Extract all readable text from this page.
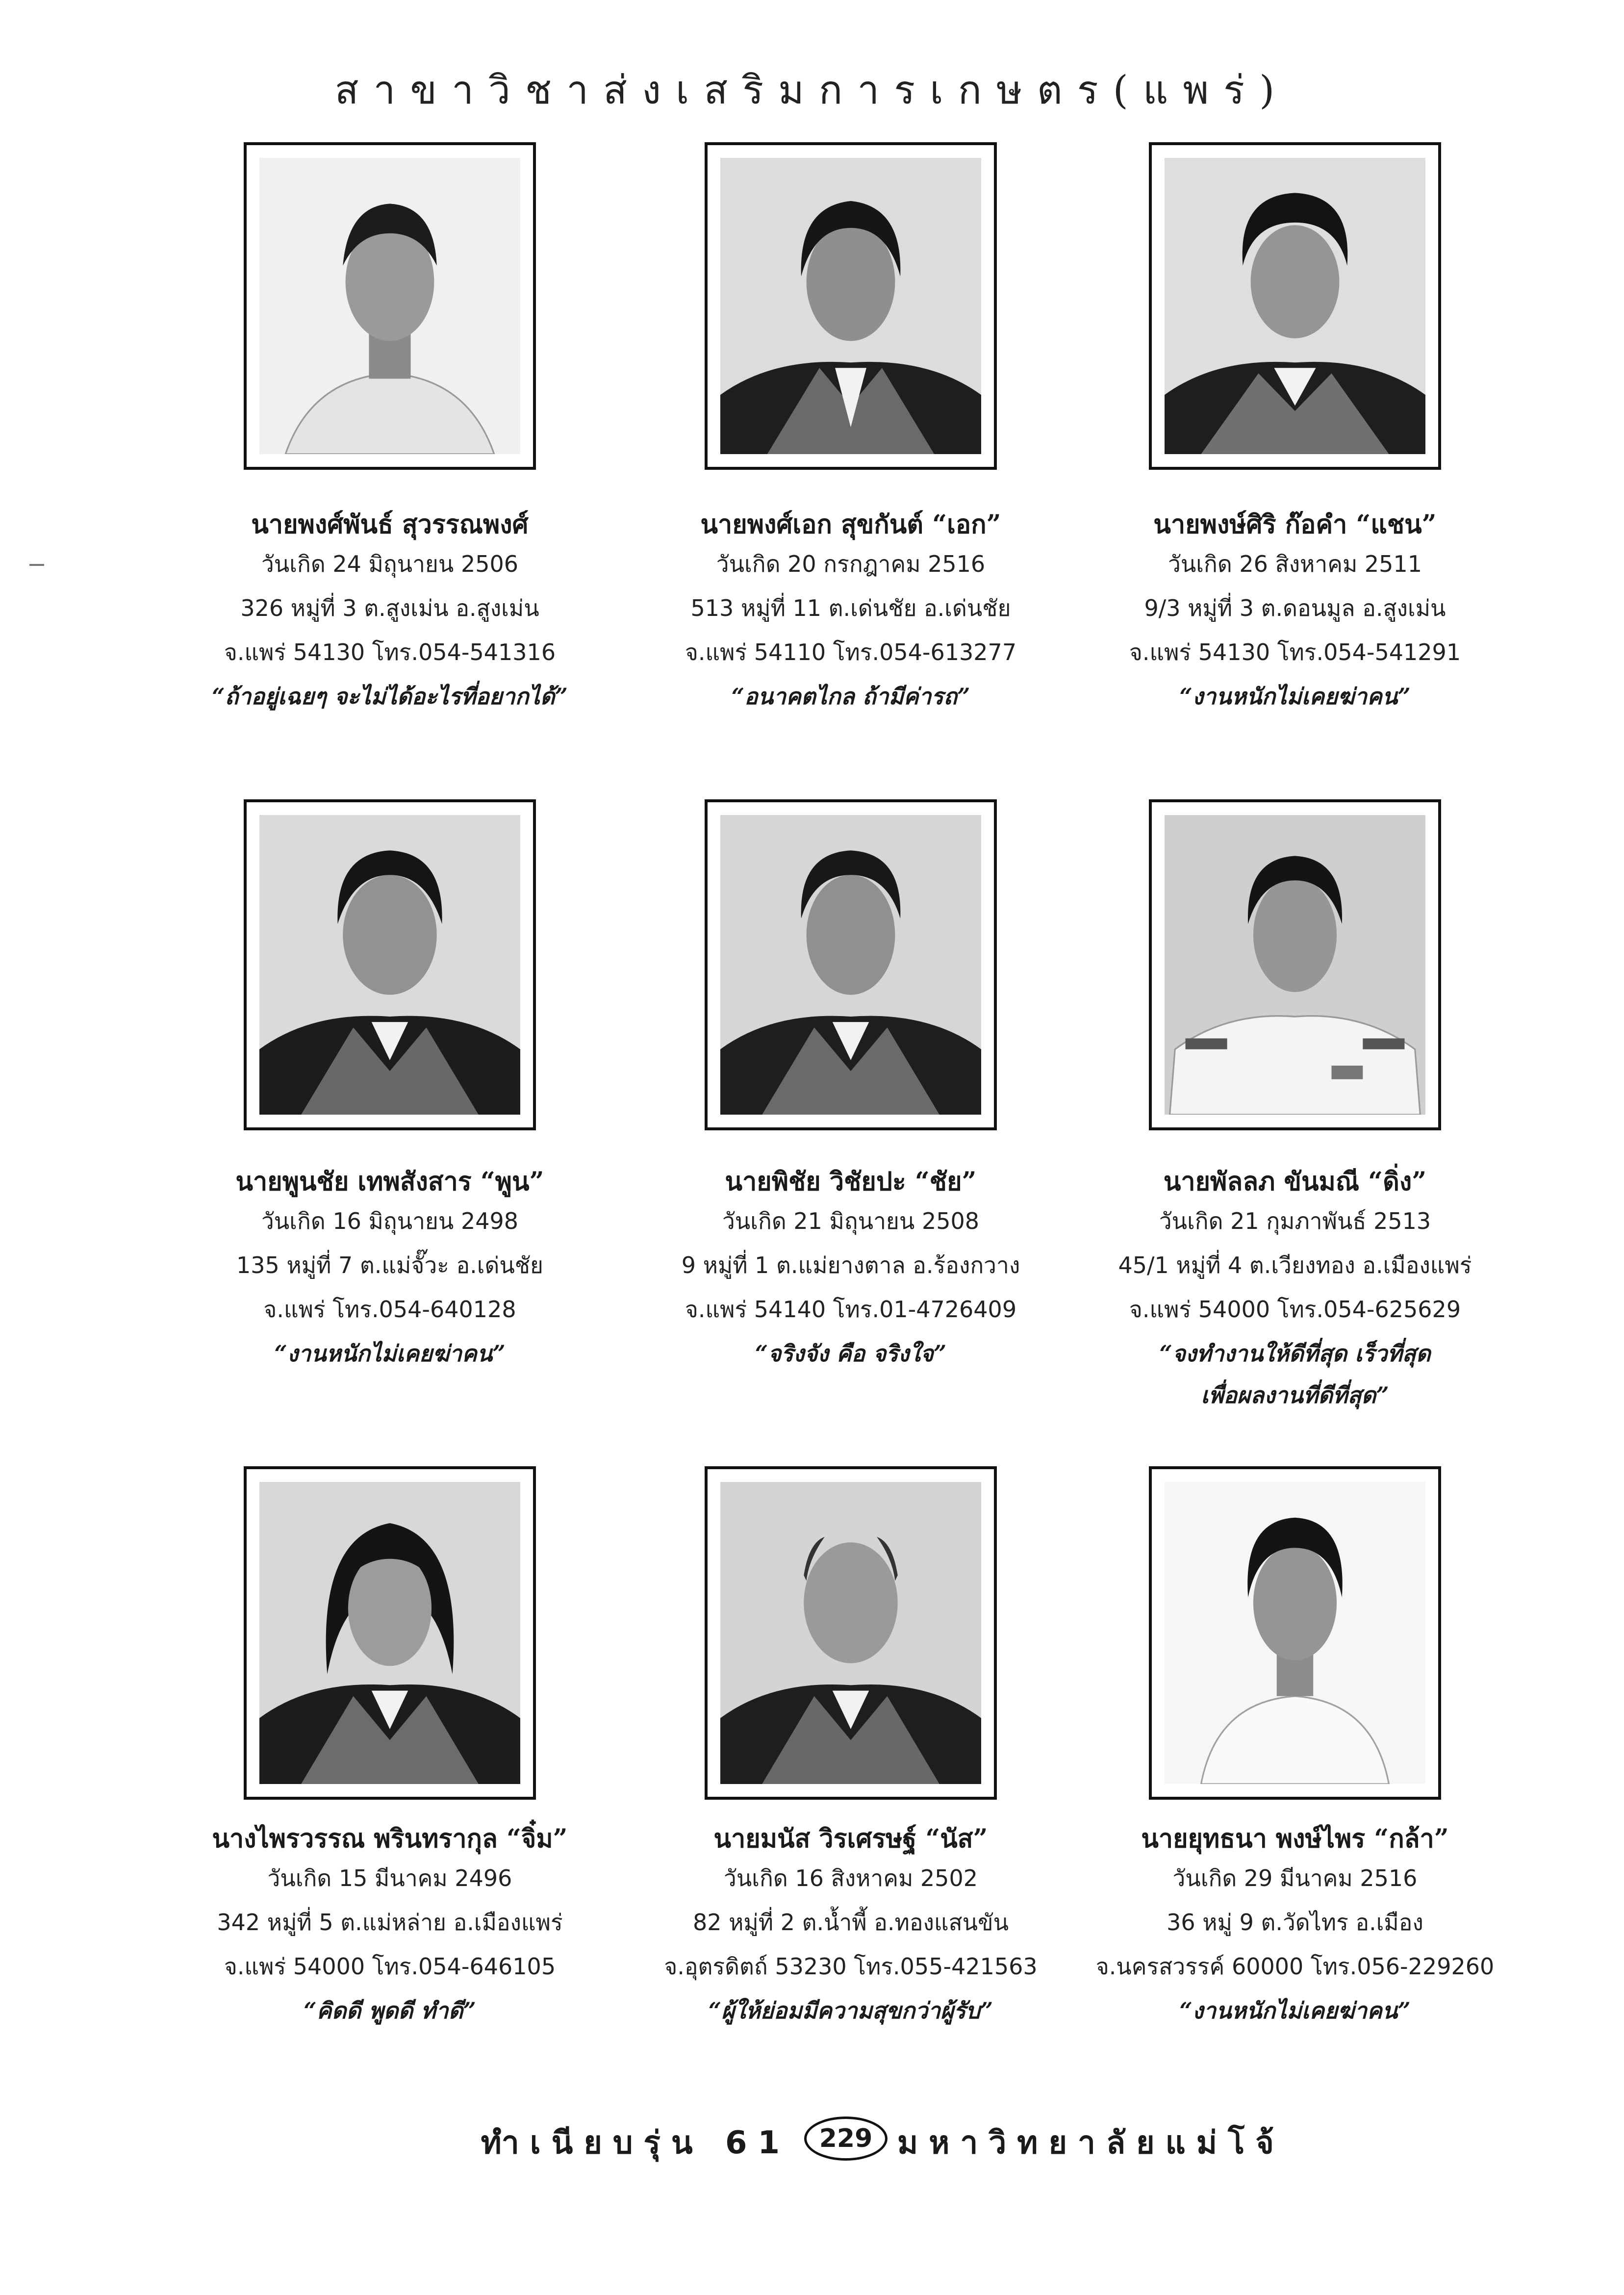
สาขาวิชาส่งเสริมการเกษตร(แพร่)

นายพงศ์พันธ์ สุวรรณพงศ์

วันเกิด 24 มิถุนายน 2506

326 หมู่ที่ 3 ต.สูงเม่น อ.สูงเม่น

จ.แพร่ 54130 โทร.054-541316

“ถ้าอยู่เฉยๆ จะไม่ได้อะไรที่อยากได้”

นายพงศ์เอก สุขกันต์ “เอก”

วันเกิด 20 กรกฎาคม 2516

513 หมู่ที่ 11 ต.เด่นชัย อ.เด่นชัย

จ.แพร่ 54110 โทร.054-613277

“อนาคตไกล ถ้ามีค่ารถ”

นายพงษ์ศิริ ก๊อคำ “แชน”

วันเกิด 26 สิงหาคม 2511

9/3 หมู่ที่ 3 ต.ดอนมูล อ.สูงเม่น

จ.แพร่ 54130 โทร.054-541291

“งานหนักไม่เคยฆ่าคน”

นายพูนชัย เทพสังสาร “พูน”

วันเกิด 16 มิถุนายน 2498

135 หมู่ที่ 7 ต.แม่จั๊วะ อ.เด่นชัย

จ.แพร่ โทร.054-640128

“งานหนักไม่เคยฆ่าคน”

นายพิชัย วิชัยปะ “ชัย”

วันเกิด 21 มิถุนายน 2508

9 หมู่ที่ 1 ต.แม่ยางตาล อ.ร้องกวาง

จ.แพร่ 54140 โทร.01-4726409

“จริงจัง คือ จริงใจ”

นายพัลลภ ขันมณี “ดิ่ง”

วันเกิด 21 กุมภาพันธ์ 2513

45/1 หมู่ที่ 4 ต.เวียงทอง อ.เมืองแพร่

จ.แพร่ 54000 โทร.054-625629

“จงทำงานให้ดีที่สุด เร็วที่สุด

เพื่อผลงานที่ดีที่สุด”

นางไพรวรรณ พรินทรากุล “จิ๋ม”

วันเกิด 15 มีนาคม 2496

342 หมู่ที่ 5 ต.แม่หล่าย อ.เมืองแพร่

จ.แพร่ 54000 โทร.054-646105

“คิดดี พูดดี ทำดี”

นายมนัส วิรเศรษฐ์ “นัส”

วันเกิด 16 สิงหาคม 2502

82 หมู่ที่ 2 ต.น้ำพี้ อ.ทองแสนขัน

จ.อุตรดิตถ์ 53230 โทร.055-421563

“ผู้ให้ย่อมมีความสุขกว่าผู้รับ”

นายยุทธนา พงษ์ไพร “กล้า”

วันเกิด 29 มีนาคม 2516

36 หมู่ 9 ต.วัดไทร อ.เมือง

จ.นครสวรรค์ 60000 โทร.056-229260

“งานหนักไม่เคยฆ่าคน”

ทำเนียบรุ่น 61	229 มหาวิทยาลัยแม่โจ้
